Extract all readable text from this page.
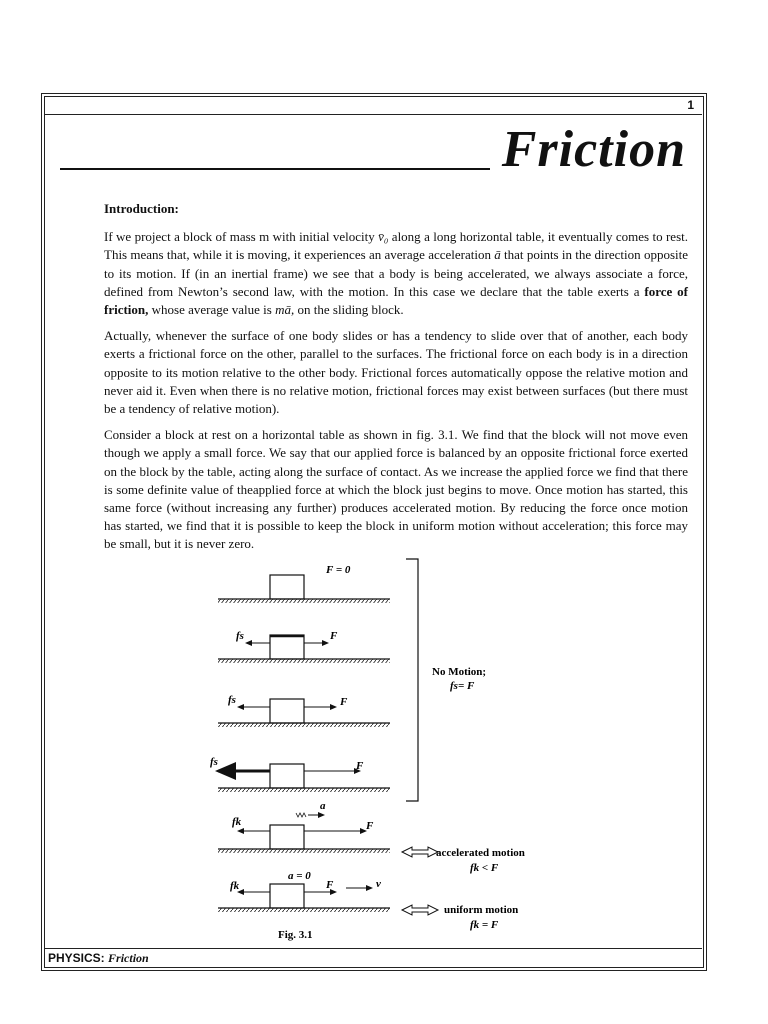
1
Friction
Introduction:

If we project a block of mass m with initial velocity v̄₀ along a long horizontal table, it eventually comes to rest. This means that, while it is moving, it experiences an average acceleration ā that points in the direction opposite to its motion. If (in an inertial frame) we see that a body is being accelerated, we always associate a force, defined from Newton’s second law, with the motion. In this case we declare that the table exerts a force of friction, whose average value is mā, on the sliding block.

Actually, whenever the surface of one body slides or has a tendency to slide over that of another, each body exerts a frictional force on the other, parallel to the surfaces. The frictional force on each body is in a direction opposite to its motion relative to the other body. Frictional forces automatically oppose the relative motion and never aid it. Even when there is no relative motion, frictional forces may exist between surfaces (but there must be a tendency of relative motion).

Consider a block at rest on a horizontal table as shown in fig. 3.1. We find that the block will not move even though we apply a small force. We say that our applied force is balanced by an opposite frictional force exerted on the block by the table, acting along the surface of contact. As we increase the applied force we find that there is some definite value of theapplied force at which the block just begins to move. Once motion has started, this same force (without increasing any further) produces accelerated motion. By reducing the force once motion has started, we find that it is possible to keep the block in uniform motion without acceleration; this force may be small, but it is never zero.

F = 0
fs	F
fs	F
fs	F
No Motion;
fs= F
a
fk	F
accelerated motion
fk < F
a = 0
fk	F	v
uniform motion
fk = F
Fig. 3.1
PHYSICS: Friction
